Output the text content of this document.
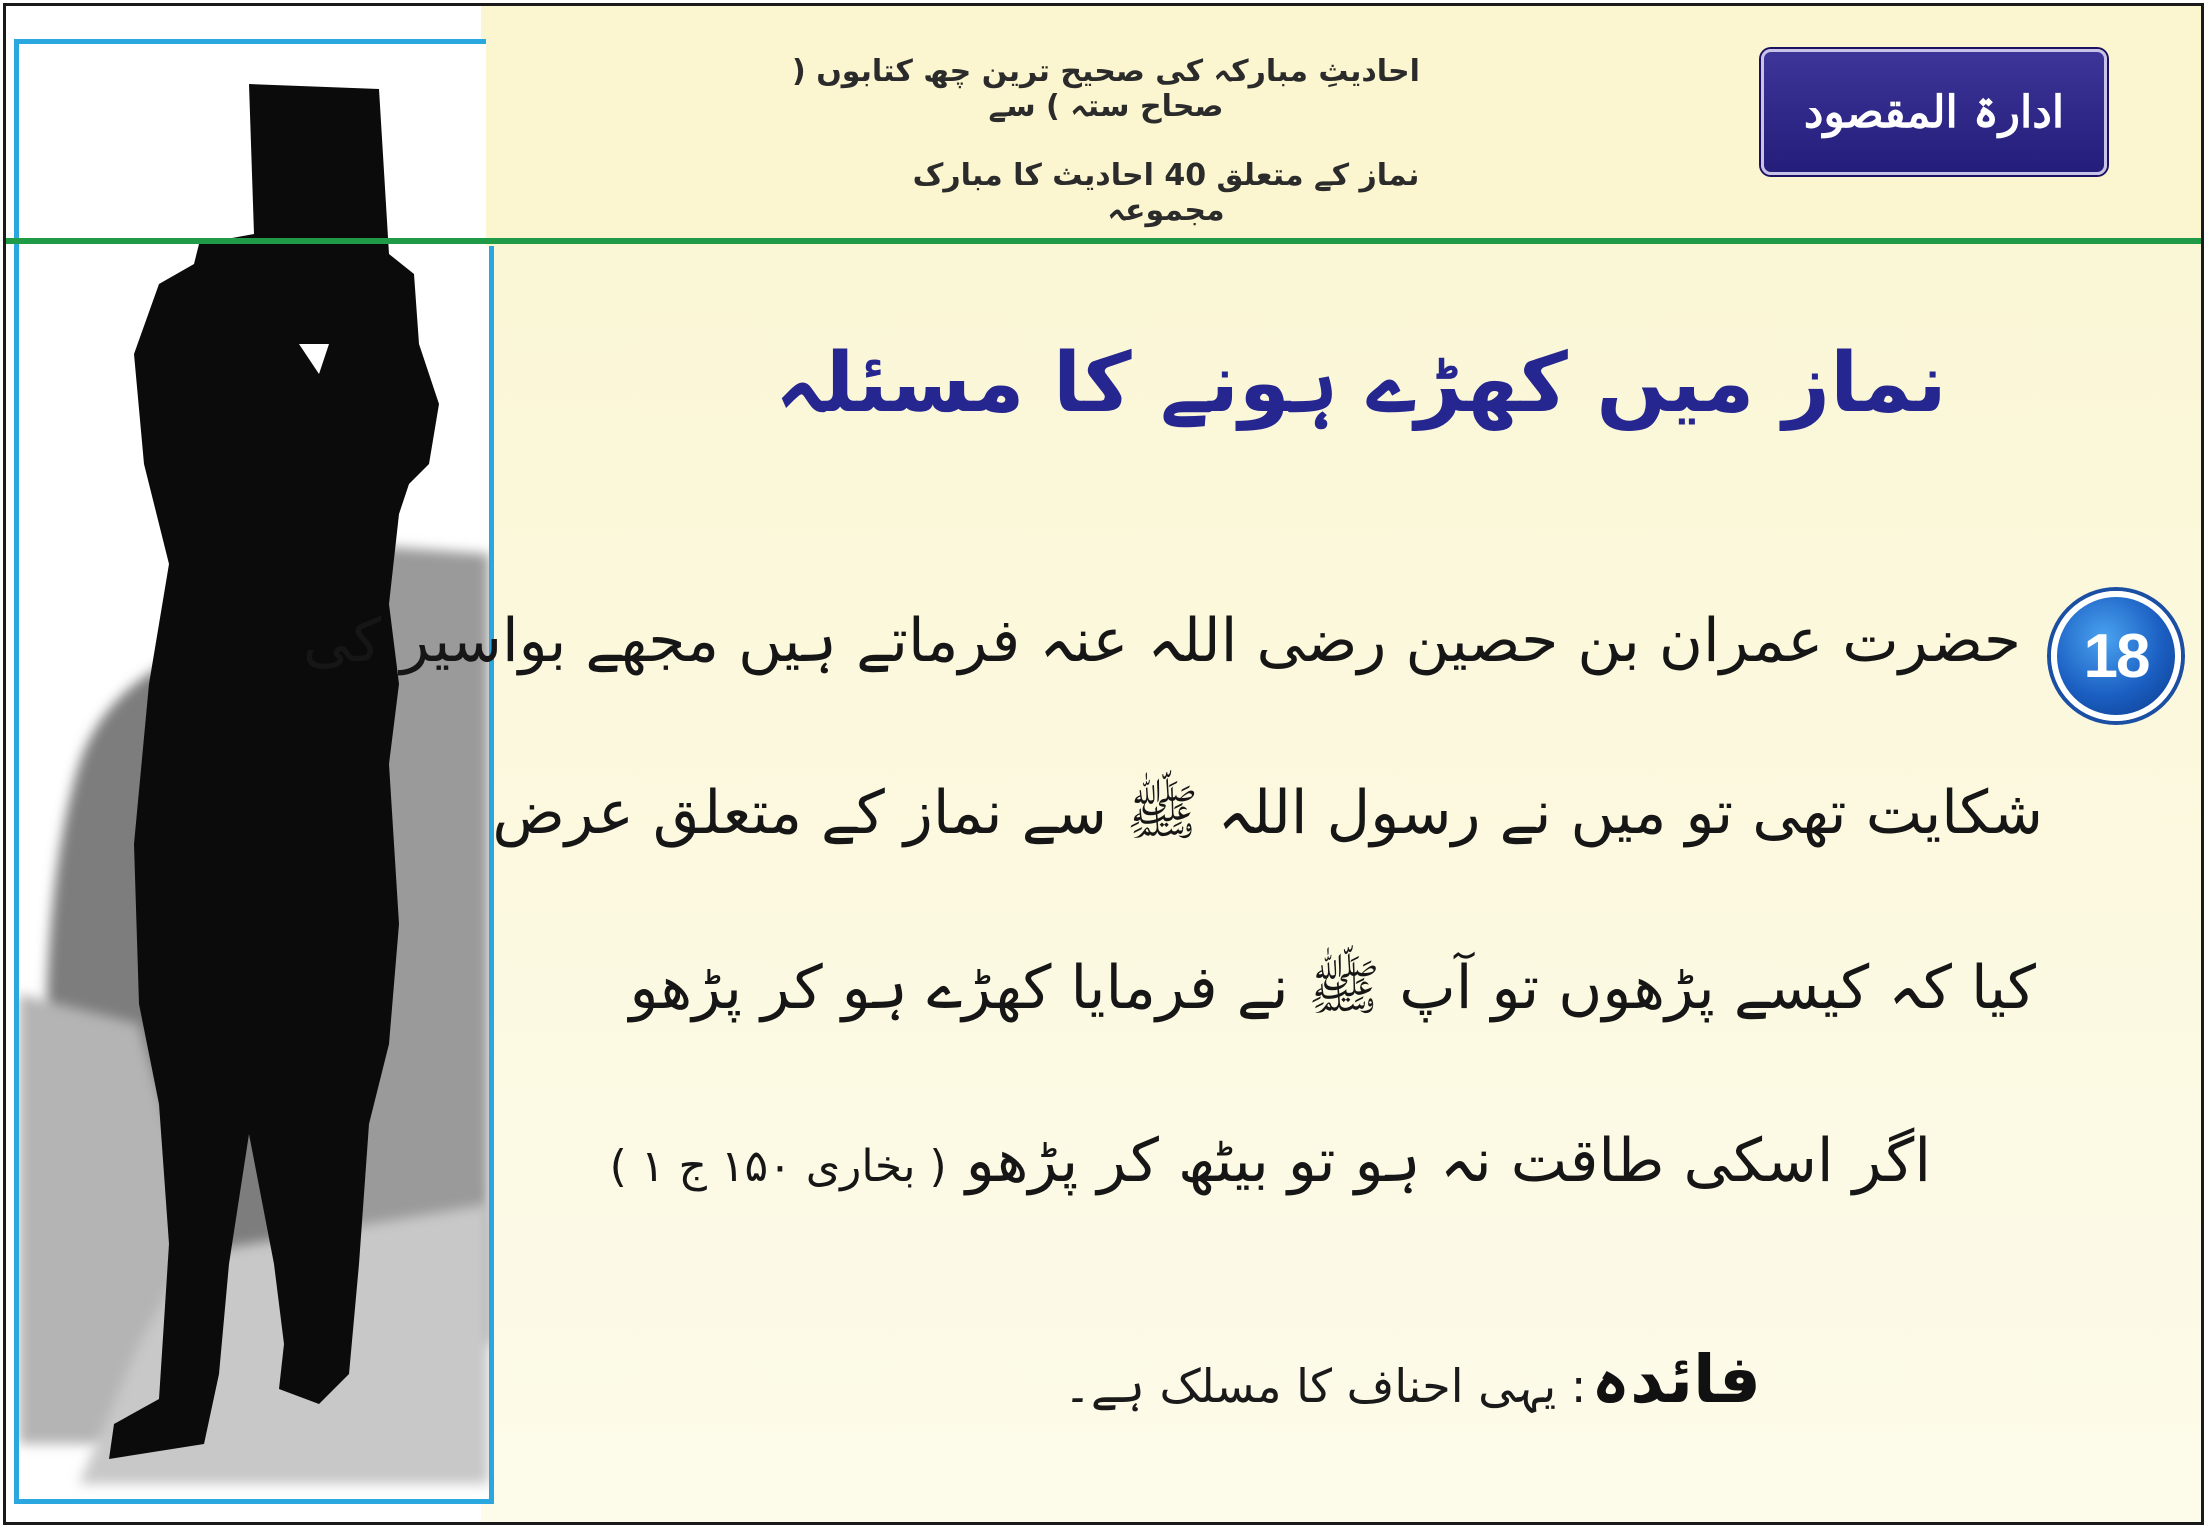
احادیثِ مبارکہ کی صحیح ترین چھ کتابوں ( صحاح ستہ ) سے
نماز کے متعلق 40 احادیث کا مبارک مجموعہ
ادارۃ المقصود
نماز میں کھڑے ہونے کا مسئلہ
18
حضرت عمران بن حصین رضی اللہ عنہ فرماتے ہیں مجھے بواسیر کی
شکایت تھی تو میں نے رسول اللہ ﷺ سے نماز کے متعلق عرض
کیا کہ کیسے پڑھوں تو آپ ﷺ نے فرمایا کھڑے ہو کر پڑھو
اگر اسکی طاقت نہ ہو تو بیٹھ کر پڑھو ( بخاری ۱۵۰ ج ۱ )
فائدہ : یہی احناف کا مسلک ہے۔
